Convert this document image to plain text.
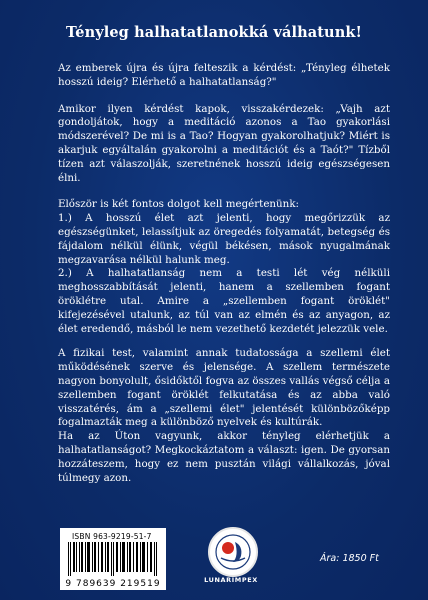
Tényleg halhatatlanokká válhatunk!

Az emberek újra és újra felteszik a kérdést: „Tényleg élhetek hosszú ideig? Elérhető a halhatatlanság?"

Amikor ilyen kérdést kapok, visszakérdezek: „Vajh azt gondoljátok, hogy a meditáció azonos a Tao gyakorlási módszerével? De mi is a Tao? Hogyan gyakorolhatjuk? Miért is akarjuk egyáltalán gyakorolni a meditációt és a Taót?" Tízből tízen azt válaszolják, szeretnének hosszú ideig egészségesen élni.

Először is két fontos dolgot kell megértenünk:

1.) A hosszú élet azt jelenti, hogy megőrizzük az egészségünket, lelassítjuk az öregedés folyamatát, betegség és fájdalom nélkül élünk, végül békésen, mások nyugalmának megzavarása nélkül halunk meg.

2.) A halhatatlanság nem a testi lét vég nélküli meghosszabbítását jelenti, hanem a szellemben fogant öröklétre utal. Amire a „szellemben fogant öröklét" kifejezésével utalunk, az túl van az elmén és az anyagon, az élet eredendő, másból le nem vezethető kezdetét jelezzük vele.

A fizikai test, valamint annak tudatossága a szellemi élet működésének szerve és jelensége. A szellem természete nagyon bonyolult, ősidőktől fogva az összes vallás végső célja a szellemben fogant öröklét felkutatása és az abba való visszatérés, ám a „szellemi élet" jelentését különbözőképp fogalmazták meg a különböző nyelvek és kultúrák.

Ha az Úton vagyunk, akkor tényleg elérhetjük a halhatatlanságot? Megkockáztatom a választ: igen. De gyorsan hozzáteszem, hogy ez nem pusztán világi vállalkozás, jóval túlmegy azon.

ISBN 963-9219-51-7
9 789639 219519	LUNARIMPEX
Ára: 1850 Ft
